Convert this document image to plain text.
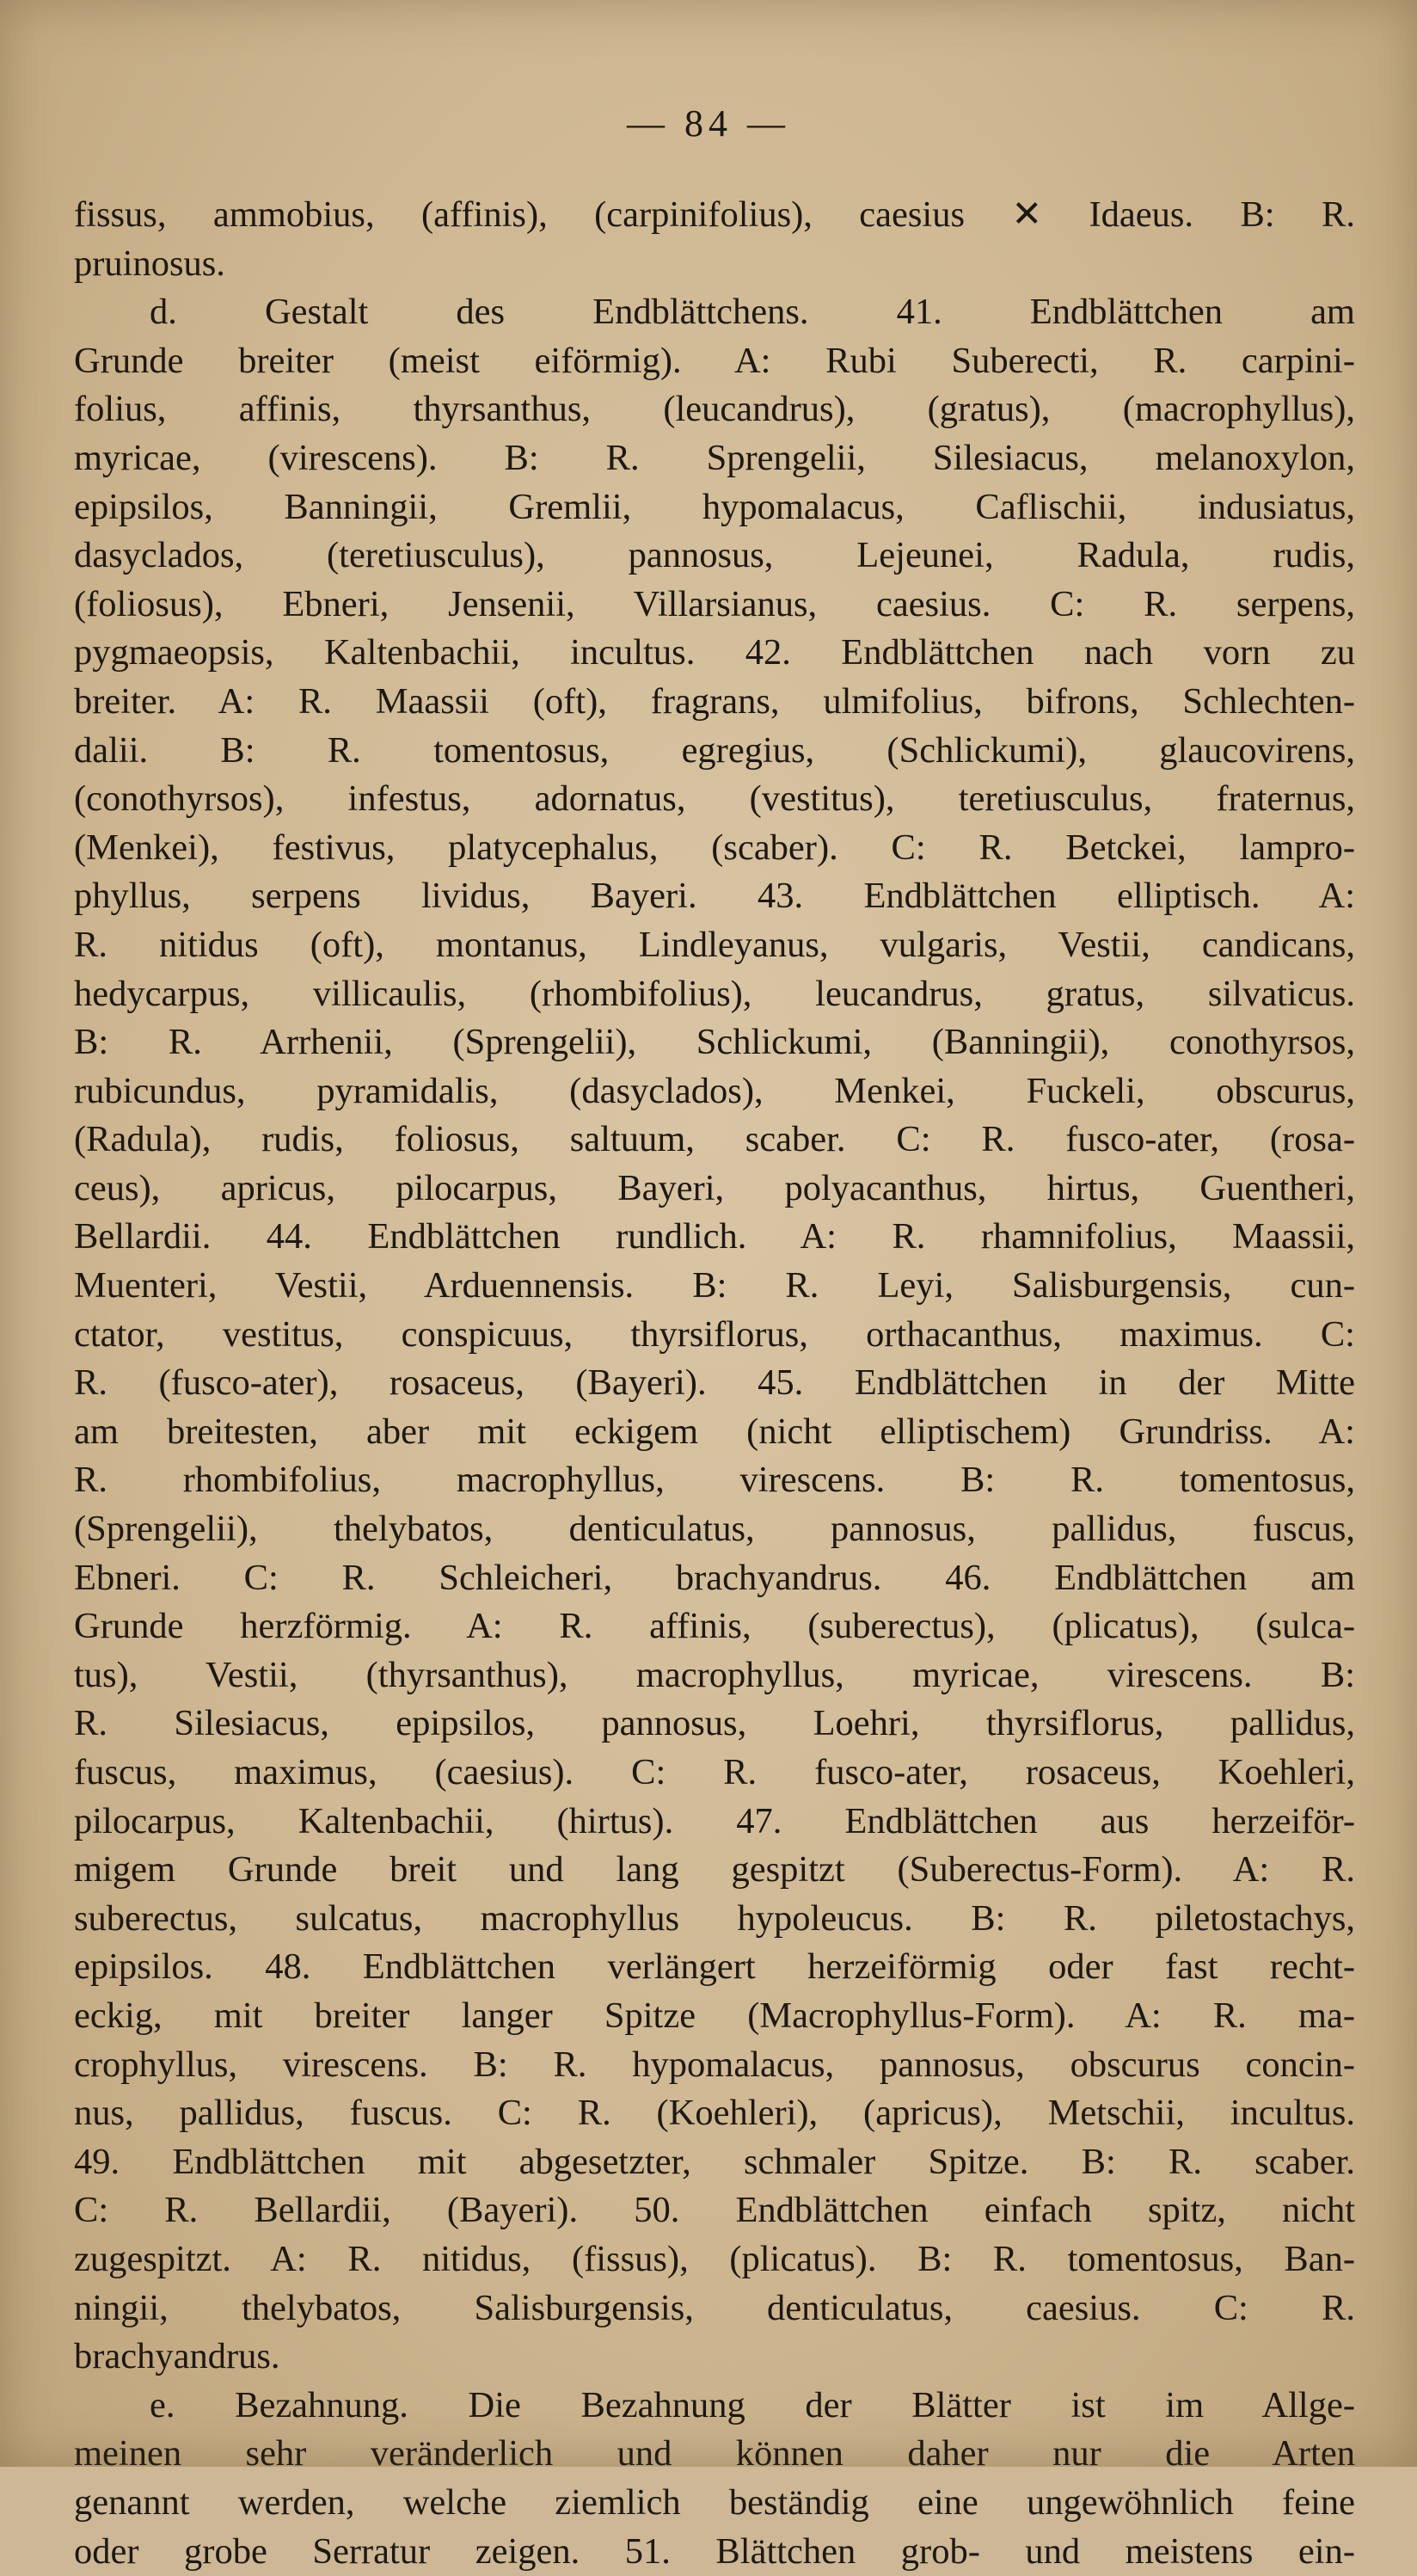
— 84 —
fissus, ammobius, (affinis), (carpinifolius), caesius ✕ Idaeus. B: R.
pruinosus.
d. Gestalt des Endblättchens. 41. Endblättchen am
Grunde breiter (meist eiförmig). A: Rubi Suberecti, R. carpini-
folius, affinis, thyrsanthus, (leucandrus), (gratus), (macrophyllus),
myricae, (virescens). B: R. Sprengelii, Silesiacus, melanoxylon,
epipsilos, Banningii, Gremlii, hypomalacus, Caflischii, indusiatus,
dasyclados, (teretiusculus), pannosus, Lejeunei, Radula, rudis,
(foliosus), Ebneri, Jensenii, Villarsianus, caesius. C: R. serpens,
pygmaeopsis, Kaltenbachii, incultus. 42. Endblättchen nach vorn zu
breiter. A: R. Maassii (oft), fragrans, ulmifolius, bifrons, Schlechten-
dalii. B: R. tomentosus, egregius, (Schlickumi), glaucovirens,
(conothyrsos), infestus, adornatus, (vestitus), teretiusculus, fraternus,
(Menkei), festivus, platycephalus, (scaber). C: R. Betckei, lampro-
phyllus, serpens lividus, Bayeri. 43. Endblättchen elliptisch. A:
R. nitidus (oft), montanus, Lindleyanus, vulgaris, Vestii, candicans,
hedycarpus, villicaulis, (rhombifolius), leucandrus, gratus, silvaticus.
B: R. Arrhenii, (Sprengelii), Schlickumi, (Banningii), conothyrsos,
rubicundus, pyramidalis, (dasyclados), Menkei, Fuckeli, obscurus,
(Radula), rudis, foliosus, saltuum, scaber. C: R. fusco-ater, (rosa-
ceus), apricus, pilocarpus, Bayeri, polyacanthus, hirtus, Guentheri,
Bellardii. 44. Endblättchen rundlich. A: R. rhamnifolius, Maassii,
Muenteri, Vestii, Arduennensis. B: R. Leyi, Salisburgensis, cun-
ctator, vestitus, conspicuus, thyrsiflorus, orthacanthus, maximus. C:
R. (fusco-ater), rosaceus, (Bayeri). 45. Endblättchen in der Mitte
am breitesten, aber mit eckigem (nicht elliptischem) Grundriss. A:
R. rhombifolius, macrophyllus, virescens. B: R. tomentosus,
(Sprengelii), thelybatos, denticulatus, pannosus, pallidus, fuscus,
Ebneri. C: R. Schleicheri, brachyandrus. 46. Endblättchen am
Grunde herzförmig. A: R. affinis, (suberectus), (plicatus), (sulca-
tus), Vestii, (thyrsanthus), macrophyllus, myricae, virescens. B:
R. Silesiacus, epipsilos, pannosus, Loehri, thyrsiflorus, pallidus,
fuscus, maximus, (caesius). C: R. fusco-ater, rosaceus, Koehleri,
pilocarpus, Kaltenbachii, (hirtus). 47. Endblättchen aus herzeiför-
migem Grunde breit und lang gespitzt (Suberectus-Form). A: R.
suberectus, sulcatus, macrophyllus hypoleucus. B: R. piletostachys,
epipsilos. 48. Endblättchen verlängert herzeiförmig oder fast recht-
eckig, mit breiter langer Spitze (Macrophyllus-Form). A: R. ma-
crophyllus, virescens. B: R. hypomalacus, pannosus, obscurus concin-
nus, pallidus, fuscus. C: R. (Koehleri), (apricus), Metschii, incultus.
49. Endblättchen mit abgesetzter, schmaler Spitze. B: R. scaber.
C: R. Bellardii, (Bayeri). 50. Endblättchen einfach spitz, nicht
zugespitzt. A: R. nitidus, (fissus), (plicatus). B: R. tomentosus, Ban-
ningii, thelybatos, Salisburgensis, denticulatus, caesius. C: R.
brachyandrus.
e. Bezahnung. Die Bezahnung der Blätter ist im Allge-
meinen sehr veränderlich und können daher nur die Arten
genannt werden, welche ziemlich beständig eine ungewöhnlich feine
oder grobe Serratur zeigen. 51. Blättchen grob- und meistens ein-
